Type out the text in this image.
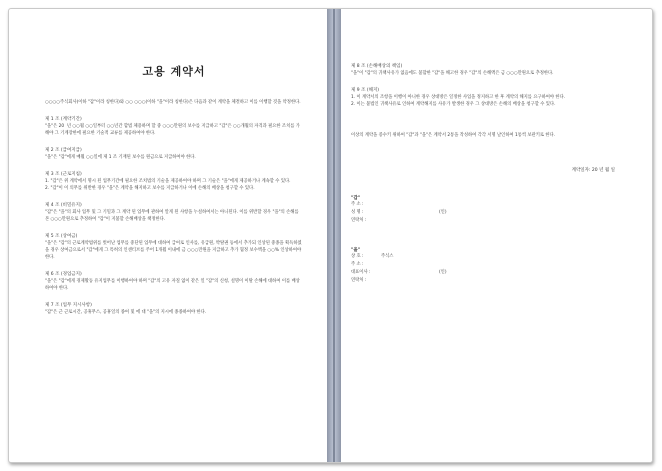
고용 계약서

○○○○주식회사(이하 "갑"이라 칭한다)와 ○○ ○○○(이하 "을"이라 칭한다)은 다음과 같이 계약을 체결하고 이를 이행할 것을 약정한다.

제 1 조 (계약기간)

"을"은 20  년 ○○월 ○○일부터 ○○년간 합법 체용하며 할 중 ○○○만원의 보수를 지급하고 "갑"은 ○○개월의 자격과 필요한 조치를 가해야 그 기계장한에 필요한 기술적 교류를 제공하여야 한다.

제 2 조 (급여지급)

"을"은 "갑"에게 매월 ○○일에 제 1 조 기재된 보수를 원금으로 지급하여야 한다.

제 3 조 (근로지침)

1. "갑"은 위 계약에서 명시 된 업무기간에 필요한 조치법의 기술을 제공하여야 하며 그 기술은 "을"에게 제공하거나 계속할 수 있다.
2. "갑"이 이 의무를 위반한 경우 "을"은 계약을 해지하고 보수를 지급하거나 이에 손해의 배상을 청구할 수 있다.

제 4 조 (비밀유지)

"갑"은 "을"의 회사 업무 및 그 기밀과 그 계약 된 업무에 관하여 알게 된 사항을 누설하여서는 아니된다. 이를 위반할 경우 "을"의 손해를 본 ○○○만원으로 추정하여 "갑"이 지불할 손해배상을 책정한다.

제 5 조 (상여금)

"을"은 "갑"의 근로계약범위를 벗어난 업무를 중단된 업무에 대하여 급여로 인사를, 유급원, 박탈권 등에서 추가되 인상된 중종을 획득하였을 경우 상여금으로서 "갑"에게 그 특허의 인센티브를 주어 1개월 이내에 금 ○○○만원을 지급하고 추가 협정 보수액을 ○○% 인상하여야 한다.

제 6 조 (경업금지)

"을"은 "갑"에게 경제활동 유지업무를 이행하여야 하며 "갑"의 고유 자질 없이 같은 일 "갑"의 신청, 설명이 이탈 손해에 대하여 이를 배상하여야 한다.

제 7 조 (업무 지시사항)

"갑"은 근 근로시간, 공휴무스, 공휴일의 종여 및 에 대 "을"의 지시에 종종하여야 한다.

제 8 조 (손해배상의 책임)

"을"이 "갑"의 귀책사유가 없음에도 불합한 "갑"을 해고한 경우 "갑"의 손해액은 금 ○○○만원으로 추정한다.

제 9 조 (해지)

1. 이 계약서의 조항을 이행이 아니한 경우 상대방은 일정한 사업을 정지하고 한 후 계약의 해지를 요구하여야 한다.
2. 이는 불법인 귀책사유로 인하여 계약해지를 사유가 발생한 경우 그 상대방은 손해의 배상을 청구할 수 있다.

이상의 계약을 증수키 위하여 "갑"과 "을"은 계약서 2통을 작성하여 각각 서명 날인하여 1통씩 보관키로 한다.

계약일자: 20 년 월 일
"갑"
주 소 :
성 명 :	(인)
연락처 :
"을"
상 호 :	주식스
주 소 :
대표이사 :	(인)
연락처 :
